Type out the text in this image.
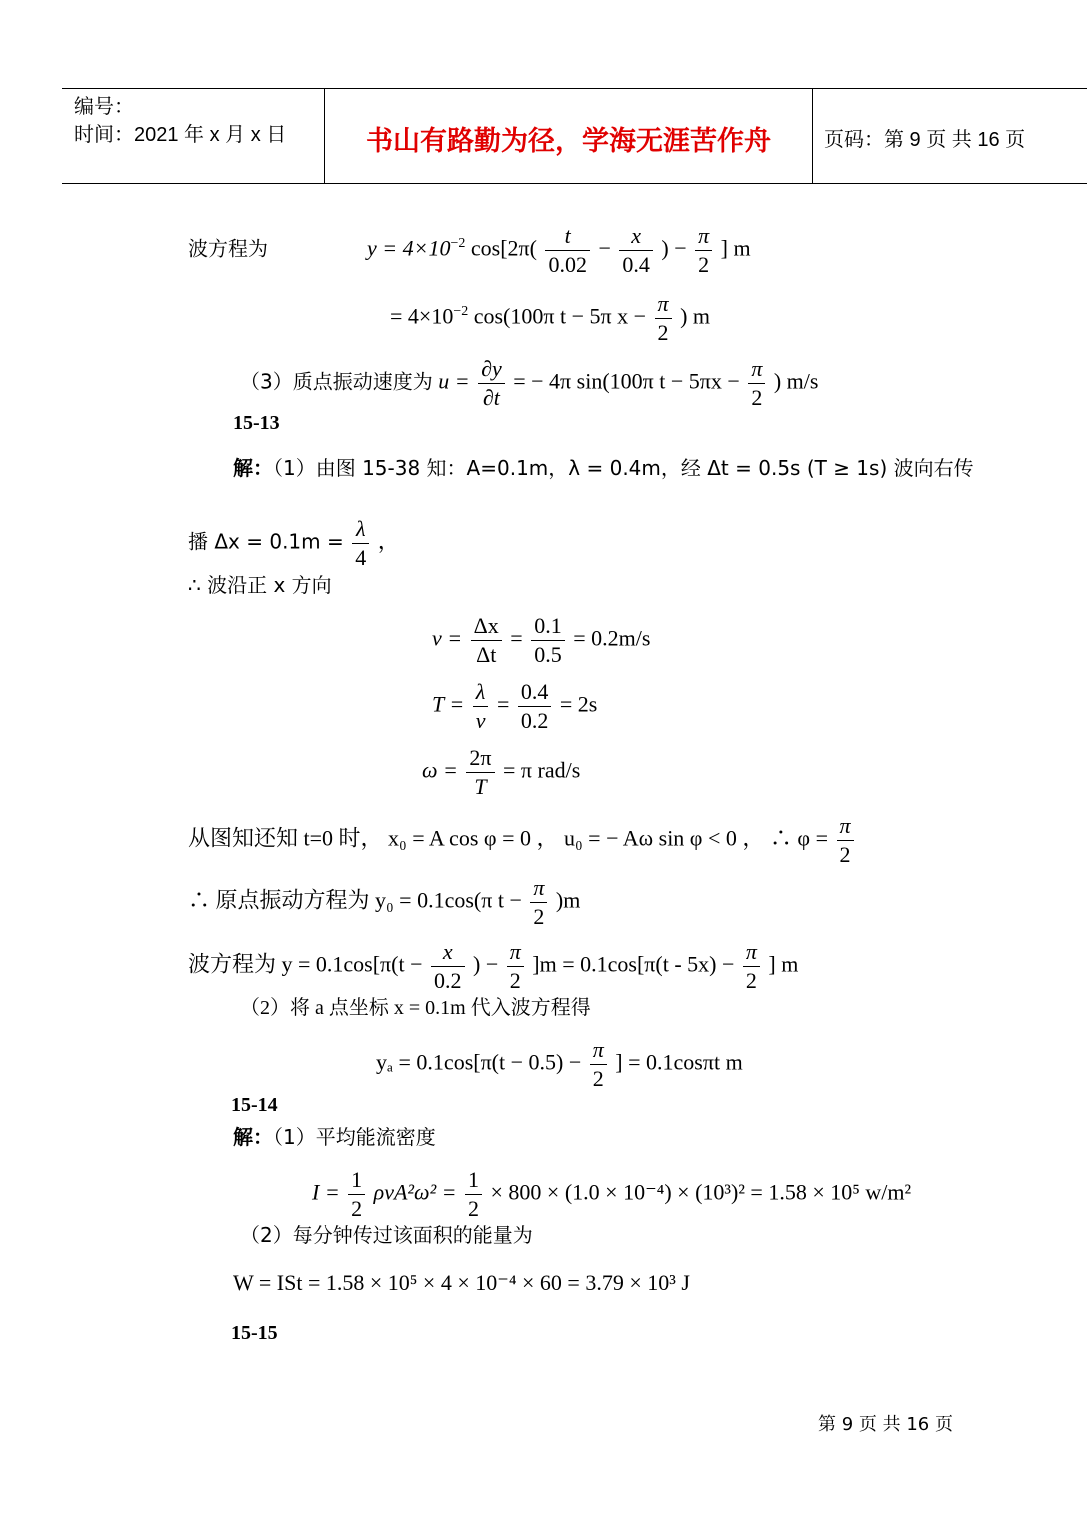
编号：
时间：2021 年 x 月 x 日	书山有路勤为径，学海无涯苦作舟	页码：第 9 页 共 16 页
波方程为	$y = 4\times 10^{-2}$ $\cos[2\pi( \frac{t}{0.02} - \frac{x}{0.4}$ ) − $\frac{\pi}{2}$ ] m
= $4\times 10^{-2}$ cos(100π t − 5π $x - \frac{\pi}{2}$ ) m
（3）质点振动速度为 $u = \frac{\partial y}{\partial t}$ = − 4π sin(100π $t - 5\pi x - \frac{\pi}{2}$ ) m/s
15-13
解：（1）由图 15-38 知：A=0.1m，λ = 0.4m，经 Δt = 0.5s (T ≥ 1s) 波向右传
播 $\Delta x = 0.1m = \frac{\lambda}{4}$ ，
∴ 波沿正 x 方向
$v = \frac{\Delta x}{\Delta t} = \frac{0.1}{0.5} = 0.2m/s$
$T = \frac{\lambda}{v} = \frac{0.4}{0.2} = 2s$
$\omega = \frac{2\pi}{T} = \pi$ rad/s
从图知还知 t=0 时， x₀ = A cos φ = 0 ， u₀ = − Aω sin φ < 0 ， ∴ $\varphi = \frac{\pi}{2}$
∴ 原点振动方程为 y₀ = 0.1cos(π $t - \frac{\pi}{2} )m$
波方程为 $y = 0.1\cos[\pi(t - \frac{x}{0.2}$ ) − $\frac{\pi}{2} ]m = 0.1\cos[\pi(t - 5x) - \frac{\pi}{2}$ ] m
（2）将 a 点坐标 x = 0.1m 代入波方程得
$y_a = 0.1\cos[\pi(t - 0.5) - \frac{\pi}{2}$ ] = 0.1cosπt m
15-14
解：（1）平均能流密度
$I = \frac{1}{2} \rho vA^2\omega^2 = \frac{1}{2} \times 800 \times (1.0 \times 10^{-4}) \times (10^3)^2 = 1.58 \times 10^5$ w/m²
（2）每分钟传过该面积的能量为
W = ISt = 1.58 × 10⁵ × 4 × 10⁻⁴ × 60 = 3.79 × 10³ J
15-15
第 9 页 共 16 页
